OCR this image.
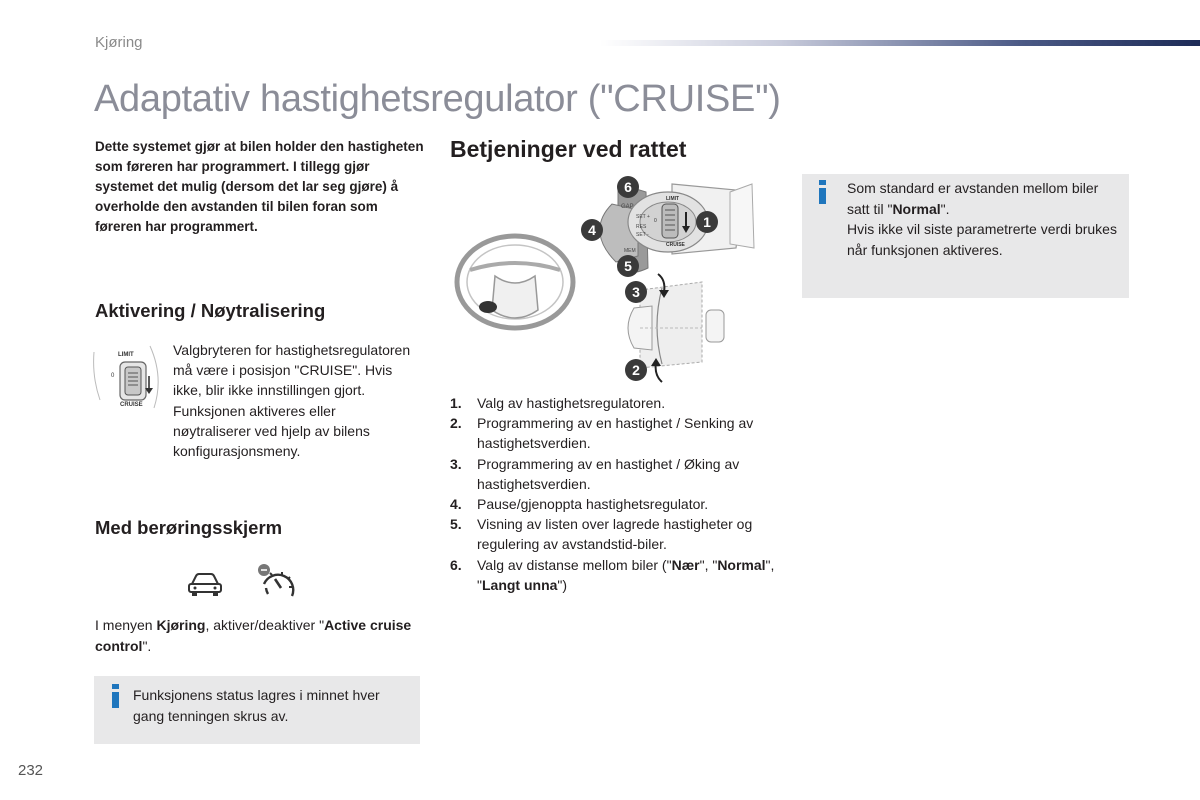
Kjøring
Adaptativ hastighetsregulator ("CRUISE")
Dette systemet gjør at bilen holder den hastigheten som føreren har programmert. I tillegg gjør systemet det mulig (dersom det lar seg gjøre) å overholde den avstanden til bilen foran som føreren har programmert.
Aktivering / Nøytralisering
LIMIT
0
CRUISE
Valgbryteren for hastighetsregulatoren må være i posisjon "CRUISE". Hvis ikke, blir ikke innstillingen gjort. Funksjonen aktiveres eller nøytraliserer ved hjelp av bilens konfigurasjonsmeny.
Med berøringsskjerm
I menyen Kjøring, aktiver/deaktiver "Active cruise control".
Funksjonens status lagres i minnet hver gang tenningen skrus av.
Betjeninger ved rattet
GAP
SET +
SET -
RES
MEM
LIMIT
0
CRUISE
6
1
4
5
3
2
1. Valg av hastighetsregulatoren.
2. Programmering av en hastighet / Senking av hastighetsverdien.
3. Programmering av en hastighet / Øking av hastighetsverdien.
4. Pause/gjenoppta hastighetsregulator.
5. Visning av listen over lagrede hastigheter og regulering av avstandstid-biler.
6. Valg av distanse mellom biler ("Nær", "Normal", "Langt unna")
Som standard er avstanden mellom biler satt til "Normal".
Hvis ikke vil siste parametrerte verdi brukes når funksjonen aktiveres.
232
